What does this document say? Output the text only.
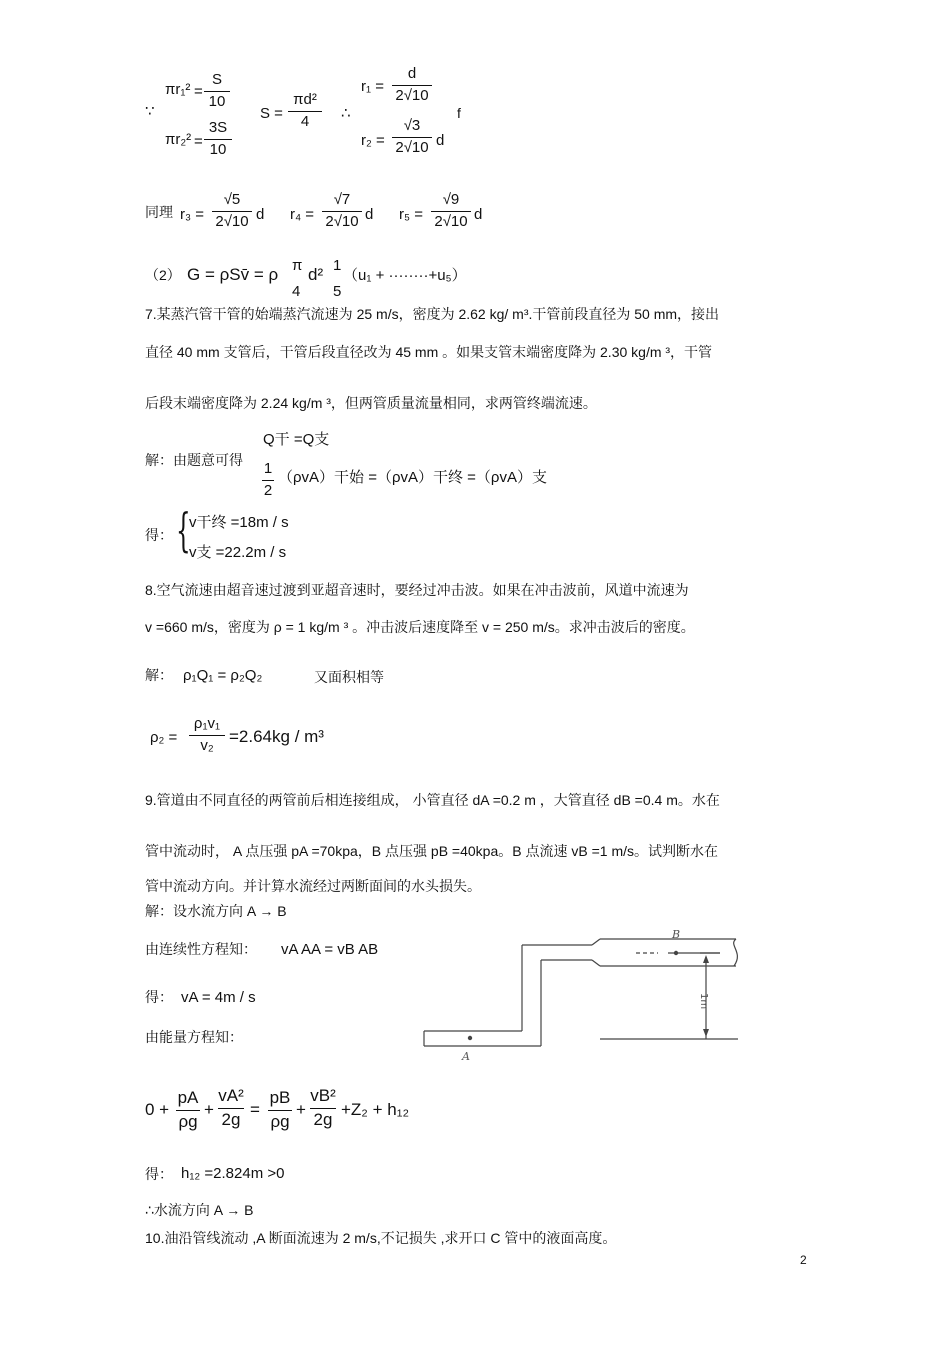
∵
πr₁² =
S
10
πr₂² =
3S
10
S =
πd²
4	∴
r₁ =
d
2√10
r₂ =
√3
2√10 d
f
同理 r₃ =
√5
2√10 d r₄ =
√7
2√10 d r₅ =
√9
2√10 d
（2） G = ρSv̄ = ρ π
4
d² 1
5
（u₁ + ········+u₅）
7.某蒸汽管干管的始端蒸汽流速为 25 m/s，密度为 2.62 kg/ m³.干管前段直径为 50 mm，接出
直径 40 mm 支管后，干管后段直径改为 45 mm 。如果支管末端密度降为 2.30 kg/m ³，干管
后段末端密度降为 2.24 kg/m ³，但两管质量流量相同，求两管终端流速。
解：由题意可得
Q干 =Q支
1
2
（ρvA）干始 =（ρvA）干终 =（ρvA）支
得： {
v干终 =18m / s
v支 =22.2m / s
8.空气流速由超音速过渡到亚超音速时，要经过冲击波。如果在冲击波前，风道中流速为
v =660 m/s，密度为 ρ = 1 kg/m ³ 。冲击波后速度降至 v = 250 m/s。求冲击波后的密度。
解： ρ₁Q₁ = ρ₂Q₂	又面积相等
ρ₂ =
ρ₁v₁
v₂ =2.64kg / m³
9.管道由不同直径的两管前后相连接组成， 小管直径 dA =0.2 m ，大管直径 dB =0.4 m。水在
管中流动时， A 点压强 pA =70kpa，B 点压强 pB =40kpa。B 点流速 vB =1 m/s。试判断水在
管中流动方向。并计算水流经过两断面间的水头损失。
解：设水流方向 A → B
由连续性方程知： vA AA = vB AB
得： vA = 4m / s
由能量方程知：
B
A
1m
0 +
pA
ρg
+
vA²
2g
=
pB
ρg
+
vB²
2g
+Z₂ + h₁₂
得： h₁₂ =2.824m >0
∴水流方向 A → B
10.油沿管线流动 ,A 断面流速为 2 m/s,不记损失 ,求开口 C 管中的液面高度。
2
